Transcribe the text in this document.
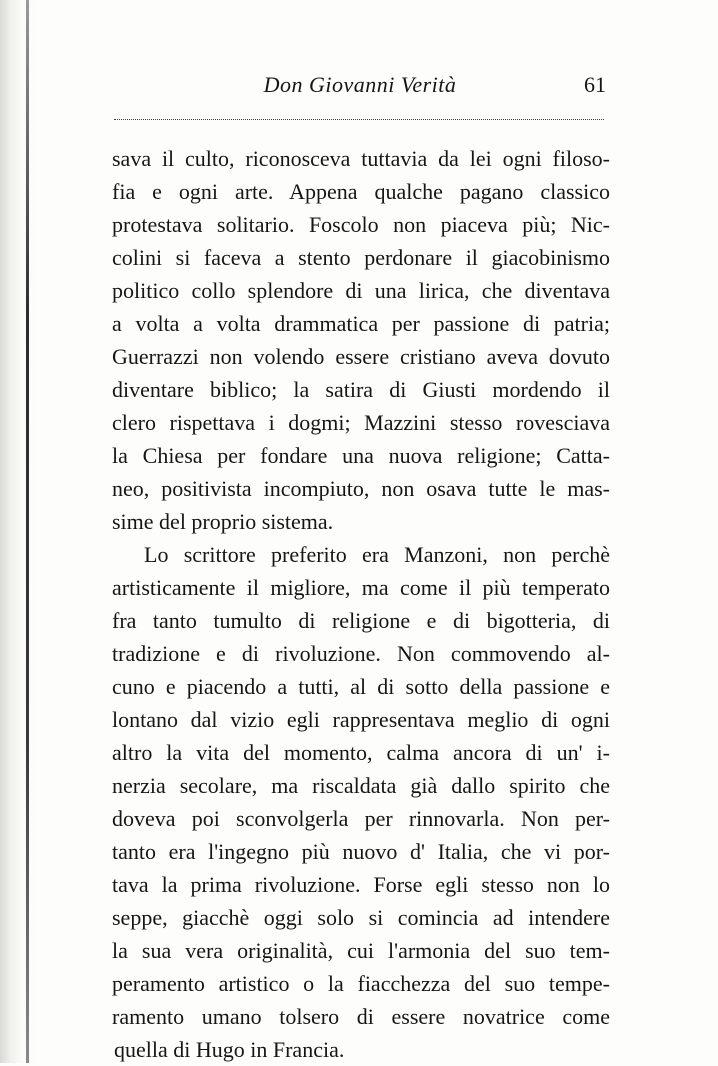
Don Giovanni Verità	61
sava il culto, riconosceva tuttavia da lei ogni filoso-
fia e ogni arte. Appena qualche pagano classico
protestava solitario. Foscolo non piaceva più; Nic-
colini si faceva a stento perdonare il giacobinismo
politico collo splendore di una lirica, che diventava
a volta a volta drammatica per passione di patria;
Guerrazzi non volendo essere cristiano aveva dovuto
diventare biblico; la satira di Giusti mordendo il
clero rispettava i dogmi; Mazzini stesso rovesciava
la Chiesa per fondare una nuova religione; Catta-
neo, positivista incompiuto, non osava tutte le mas-
sime del proprio sistema.
Lo scrittore preferito era Manzoni, non perchè
artisticamente il migliore, ma come il più temperato
fra tanto tumulto di religione e di bigotteria, di
tradizione e di rivoluzione. Non commovendo al-
cuno e piacendo a tutti, al di sotto della passione e
lontano dal vizio egli rappresentava meglio di ogni
altro la vita del momento, calma ancora di un' i-
nerzia secolare, ma riscaldata già dallo spirito che
doveva poi sconvolgerla per rinnovarla. Non per-
tanto era l'ingegno più nuovo d' Italia, che vi por-
tava la prima rivoluzione. Forse egli stesso non lo
seppe, giacchè oggi solo si comincia ad intendere
la sua vera originalità, cui l'armonia del suo tem-
peramento artistico o la fiacchezza del suo tempe-
ramento umano tolsero di essere novatrice come
quella di Hugo in Francia.
